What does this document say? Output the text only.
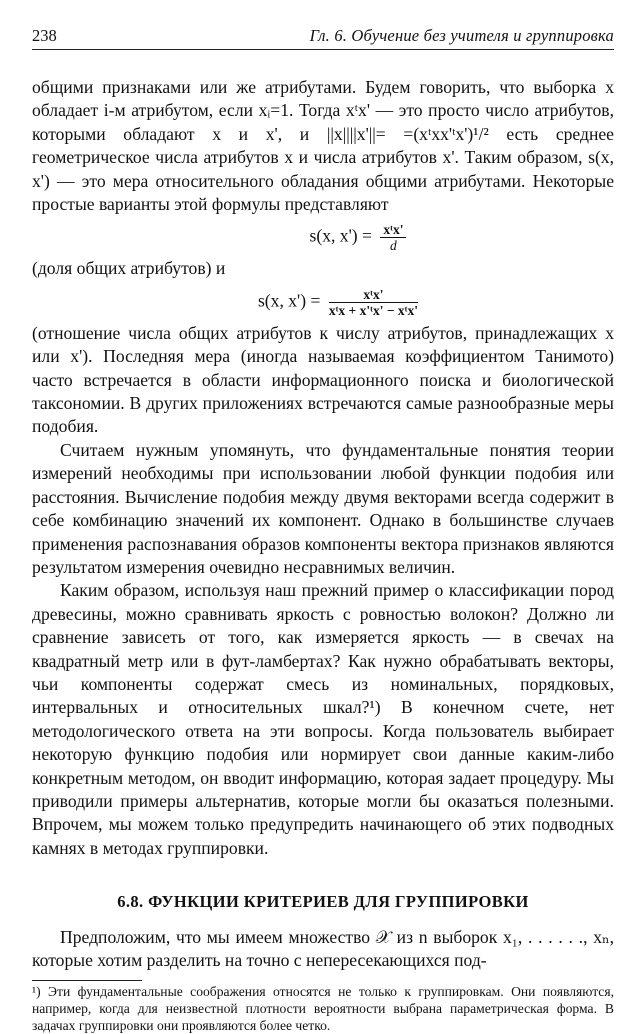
238	Гл. 6. Обучение без учителя и группировка

общими признаками или же атрибутами. Будем говорить, что выборка x обладает i-м атрибутом, если xᵢ=1. Тогда xᵗx' — это просто число атрибутов, которыми обладают x и x', и ||x||||x'||= =(xᵗxx'ᵗx')¹/² есть среднее геометрическое числа атрибутов x и числа атрибутов x'. Таким образом, s(x, x') — это мера относительного обладания общими атрибутами. Некоторые простые варианты этой формулы представляют

s(x, $x') = \frac{\text{xᵗx'}}{d}$

(доля общих атрибутов) и

s(x, $x') = \frac{\text{xᵗx'}}{\text{xᵗx + x'ᵗx' − xᵗx'}}$

(отношение числа общих атрибутов к числу атрибутов, принадлежащих x или x'). Последняя мера (иногда называемая коэффициентом Танимото) часто встречается в области информационного поиска и биологической таксономии. В других приложениях встречаются самые разнообразные меры подобия.

Считаем нужным упомянуть, что фундаментальные понятия теории измерений необходимы при использовании любой функции подобия или расстояния. Вычисление подобия между двумя векторами всегда содержит в себе комбинацию значений их компонент. Однако в большинстве случаев применения распознавания образов компоненты вектора признаков являются результатом измерения очевидно несравнимых величин.

Каким образом, используя наш прежний пример о классификации пород древесины, можно сравнивать яркость с ровностью волокон? Должно ли сравнение зависеть от того, как измеряется яркость — в свечах на квадратный метр или в фут-ламбертах? Как нужно обрабатывать векторы, чьи компоненты содержат смесь из номинальных, порядковых, интервальных и относительных шкал?¹) В конечном счете, нет методологического ответа на эти вопросы. Когда пользователь выбирает некоторую функцию подобия или нормирует свои данные каким-либо конкретным методом, он вводит информацию, которая задает процедуру. Мы приводили примеры альтернатив, которые могли бы оказаться полезными. Впрочем, мы можем только предупредить начинающего об этих подводных камнях в методах группировки.

6.8. ФУНКЦИИ КРИТЕРИЕВ ДЛЯ ГРУППИРОВКИ

Предположим, что мы имеем множество 𝒳 из n выборок x₁, . . . . . ., xₙ, которые хотим разделить на точно c непересекающихся под-

¹) Эти фундаментальные соображения относятся не только к группировкам. Они появляются, например, когда для неизвестной плотности вероятности выбрана параметрическая форма. В задачах группировки они проявляются более четко.
